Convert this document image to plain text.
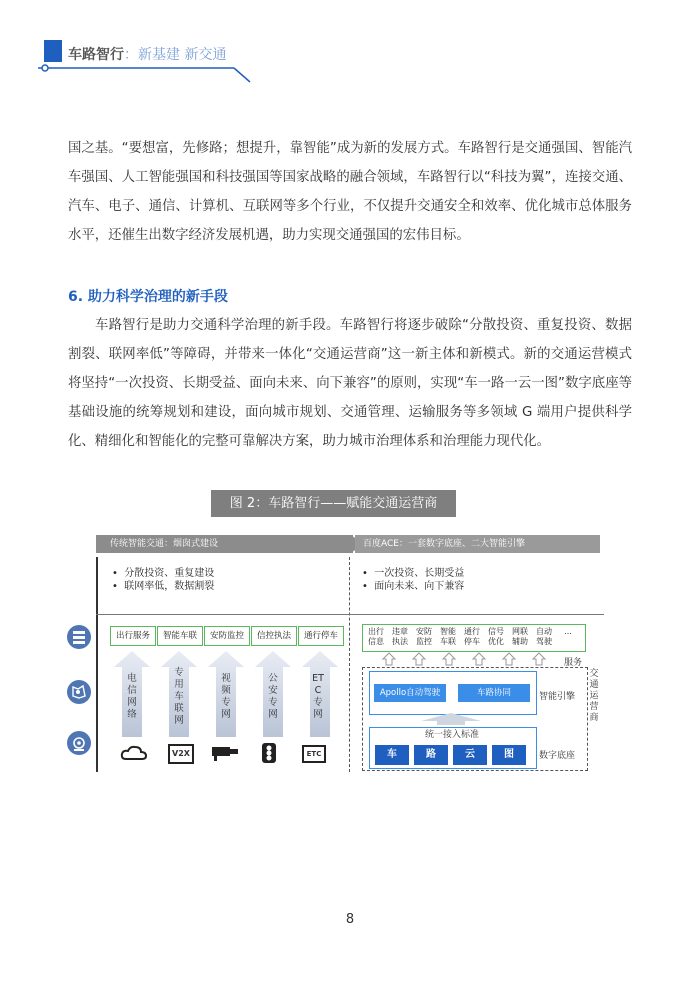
车路智行：新基建 新交通
国之基。“要想富，先修路；想提升，靠智能”成为新的发展方式。车路智行是交通强国、智能汽车强国、人工智能强国和科技强国等国家战略的融合领域，车路智行以“科技为翼”，连接交通、汽车、电子、通信、计算机、互联网等多个行业，不仅提升交通安全和效率、优化城市总体服务水平，还催生出数字经济发展机遇，助力实现交通强国的宏伟目标。
6. 助力科学治理的新手段
车路智行是助力交通科学治理的新手段。车路智行将逐步破除“分散投资、重复投资、数据割裂、联网率低”等障碍，并带来一体化“交通运营商”这一新主体和新模式。新的交通运营模式将坚持“一次投资、长期受益、面向未来、向下兼容”的原则，实现“车一路一云一图”数字底座等基础设施的统筹规划和建设，面向城市规划、交通管理、运输服务等多领域 G 端用户提供科学化、精细化和智能化的完整可靠解决方案，助力城市治理体系和治理能力现代化。
图 2：车路智行——赋能交通运营商
传统智能交通：烟囱式建设	百度ACE：一套数字底座、二大智能引擎
•  分散投资、重复建设
•  联网率低，数据割裂
•  一次投资、长期受益
•  面向未来、向下兼容
出行服务	智能车联	安防监控	信控执法	通行停车
电信网络
专用车联网
视频专网
公安专网
ETC专网
V2X	ETC
出行
信息
违章
执法
安防
监控
智能
车联
通行
停车
信号
优化
网联
辅助
自动
驾驶
...
服务
Apollo自动驾驶	车路协同	智能引擎
统一接入标准
车	路	云	图	数字底座
交通运营商
8
